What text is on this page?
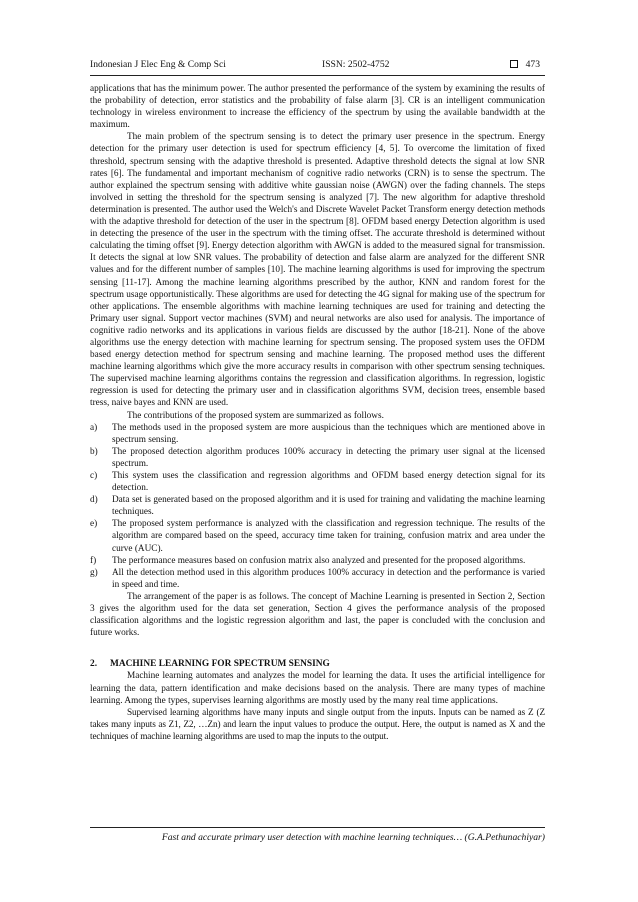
Indonesian J Elec Eng & Comp Sci	ISSN: 2502-4752	473

applications that has the minimum power. The author presented the performance of the system by examining the results of the probability of detection, error statistics and the probability of false alarm [3]. CR is an intelligent communication technology in wireless environment to increase the efficiency of the spectrum by using the available bandwidth at the maximum.

The main problem of the spectrum sensing is to detect the primary user presence in the spectrum. Energy detection for the primary user detection is used for spectrum efficiency [4, 5]. To overcome the limitation of fixed threshold, spectrum sensing with the adaptive threshold is presented. Adaptive threshold detects the signal at low SNR rates [6]. The fundamental and important mechanism of cognitive radio networks (CRN) is to sense the spectrum. The author explained the spectrum sensing with additive white gaussian noise (AWGN) over the fading channels. The steps involved in setting the threshold for the spectrum sensing is analyzed [7]. The new algorithm for adaptive threshold determination is presented. The author used the Welch's and Discrete Wavelet Packet Transform energy detection methods with the adaptive threshold for detection of the user in the spectrum [8]. OFDM based energy Detection algorithm is used in detecting the presence of the user in the spectrum with the timing offset. The accurate threshold is determined without calculating the timing offset [9]. Energy detection algorithm with AWGN is added to the measured signal for transmission. It detects the signal at low SNR values. The probability of detection and false alarm are analyzed for the different SNR values and for the different number of samples [10]. The machine learning algorithms is used for improving the spectrum sensing [11-17]. Among the machine learning algorithms prescribed by the author, KNN and random forest for the spectrum usage opportunistically. These algorithms are used for detecting the 4G signal for making use of the spectrum for other applications. The ensemble algorithms with machine learning techniques are used for training and detecting the Primary user signal. Support vector machines (SVM) and neural networks are also used for analysis. The importance of cognitive radio networks and its applications in various fields are discussed by the author [18-21]. None of the above algorithms use the energy detection with machine learning for spectrum sensing. The proposed system uses the OFDM based energy detection method for spectrum sensing and machine learning. The proposed method uses the different machine learning algorithms which give the more accuracy results in comparison with other spectrum sensing techniques. The supervised machine learning algorithms contains the regression and classification algorithms. In regression, logistic regression is used for detecting the primary user and in classification algorithms SVM, decision trees, ensemble based tress, naive bayes and KNN are used.

The contributions of the proposed system are summarized as follows.

a) The methods used in the proposed system are more auspicious than the techniques which are mentioned above in spectrum sensing.
b) The proposed detection algorithm produces 100% accuracy in detecting the primary user signal at the licensed spectrum.
c) This system uses the classification and regression algorithms and OFDM based energy detection signal for its detection.
d) Data set is generated based on the proposed algorithm and it is used for training and validating the machine learning techniques.
e) The proposed system performance is analyzed with the classification and regression technique. The results of the algorithm are compared based on the speed, accuracy time taken for training, confusion matrix and area under the curve (AUC).
f) The performance measures based on confusion matrix also analyzed and presented for the proposed algorithms.
g) All the detection method used in this algorithm produces 100% accuracy in detection and the performance is varied in speed and time.

The arrangement of the paper is as follows. The concept of Machine Learning is presented in Section 2, Section 3 gives the algorithm used for the data set generation, Section 4 gives the performance analysis of the proposed classification algorithms and the logistic regression algorithm and last, the paper is concluded with the conclusion and future works.

2. MACHINE LEARNING FOR SPECTRUM SENSING

Machine learning automates and analyzes the model for learning the data. It uses the artificial intelligence for learning the data, pattern identification and make decisions based on the analysis. There are many types of machine learning. Among the types, supervises learning algorithms are mostly used by the many real time applications.

Supervised learning algorithms have many inputs and single output from the inputs. Inputs can be named as Z (Z takes many inputs as Z1, Z2, …Zn) and learn the input values to produce the output. Here, the output is named as X and the techniques of machine learning algorithms are used to map the inputs to the output.

Fast and accurate primary user detection with machine learning techniques… (G.A.Pethunachiyar)
